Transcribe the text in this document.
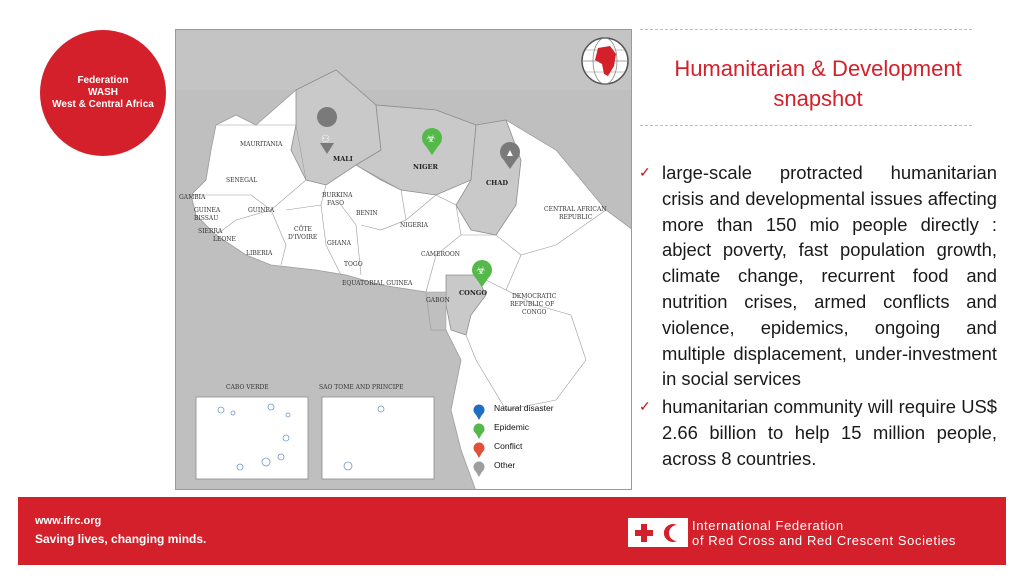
Federation
WASH
West & Central Africa
MAURITANIA
MALI
NIGER
CHAD
SENEGAL
GAMBIA
GUINEA
BISSAU
GUINEA
SIERRA
LEONE
LIBERIA
CÔTE
D'IVOIRE
BURKINA
FASO
GHANA
TOGO
BENIN
NIGERIA
CENTRAL AFRICAN
REPUBLIC
CAMEROON
EQUATORIAL GUINEA
GABON
CONGO	DEMOCRATIC
REPUBLIC OF
CONGO
⚇	☣
▲
☣
CABO VERDE	SAO TOME AND PRINCIPE
Natural disaster
Epidemic
Conflict
Other
Humanitarian & Development
snapshot
✓ large-scale protracted humanitarian crisis and developmental issues affecting more than 150 mio people directly : abject poverty, fast population growth, climate change, recurrent food and nutrition crises, armed conflicts and violence, epidemics, ongoing and multiple displacement, under-investment in social services
✓ humanitarian community will require US$ 2.66 billion to help 15 million people, across 8 countries.
www.ifrc.org
Saving lives, changing minds.
International Federation
of Red Cross and Red Crescent Societies
